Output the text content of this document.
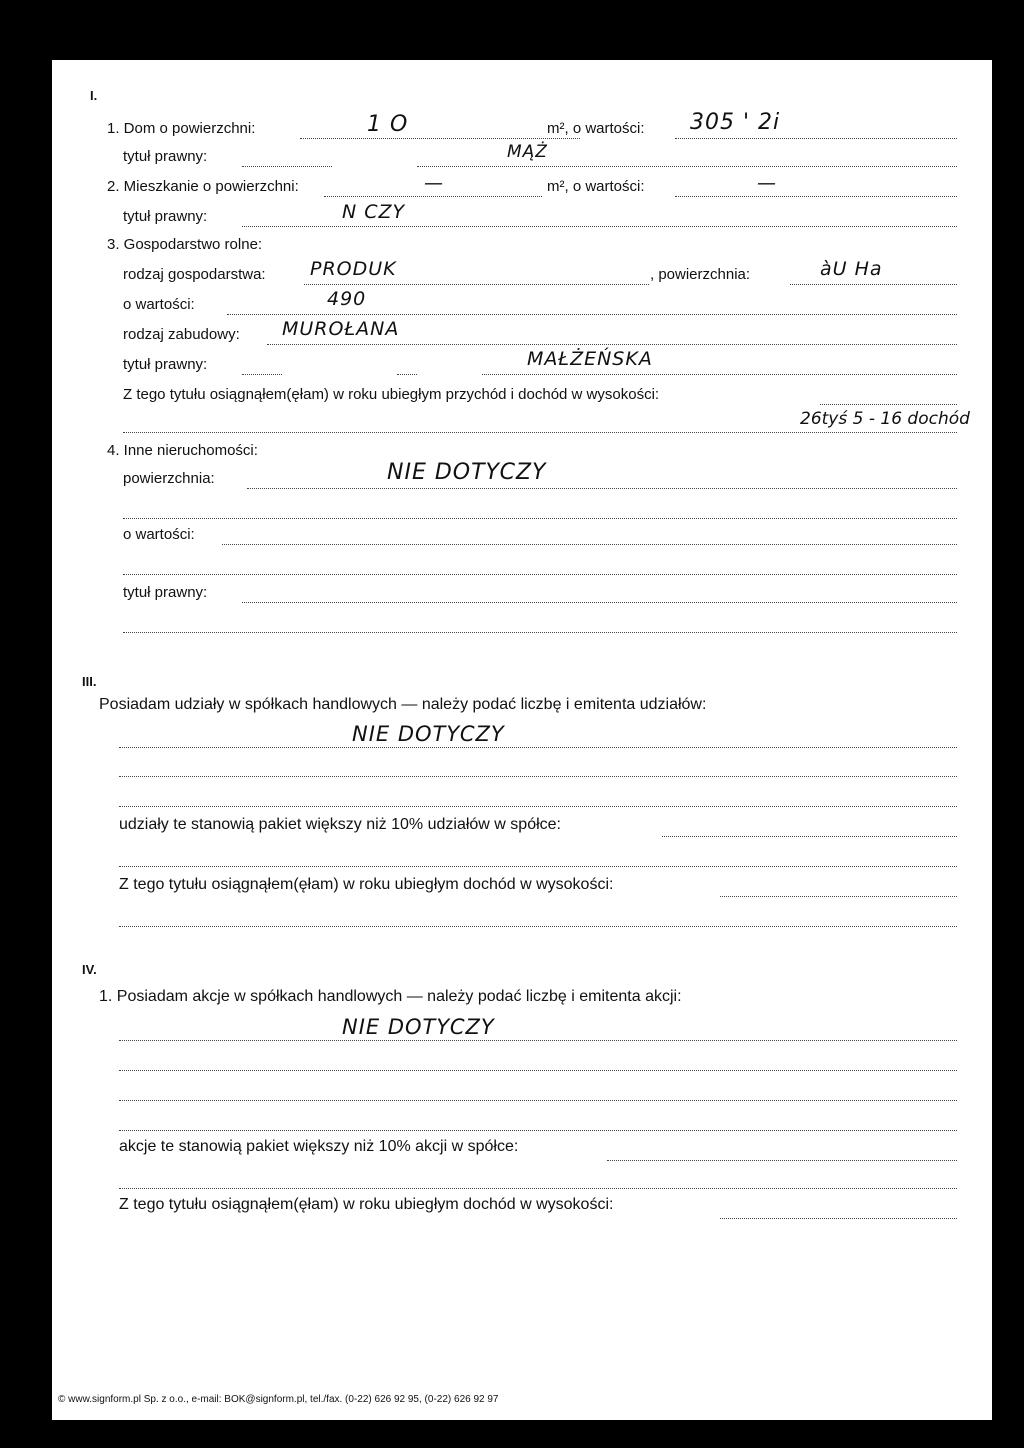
I.
1. Dom o powierzchni:	1 O	m², o wartości: 305 ' 2i
tytuł prawny:	MĄŻ
2. Mieszkanie o powierzchni:	—	m², o wartości:	—
tytuł prawny:	N CZY
3. Gospodarstwo rolne:
rodzaj gospodarstwa: PRODUK	, powierzchnia:	àU Ha
o wartości:	490
rodzaj zabudowy: MUROŁANA
tytuł prawny:	MAŁŻEŃSKA
Z tego tytułu osiągnąłem(ęłam) w roku ubiegłym przychód i dochód w wysokości:
26tyś 5 - 16 dochód
4. Inne nieruchomości:
powierzchnia:	NIE DOTYCZY
o wartości:
tytuł prawny:
III.
Posiadam udziały w spółkach handlowych — należy podać liczbę i emitenta udziałów:
NIE DOTYCZY
udziały te stanowią pakiet większy niż 10% udziałów w spółce:
Z tego tytułu osiągnąłem(ęłam) w roku ubiegłym dochód w wysokości:
IV.
1. Posiadam akcje w spółkach handlowych — należy podać liczbę i emitenta akcji:
NIE DOTYCZY
akcje te stanowią pakiet większy niż 10% akcji w spółce:
Z tego tytułu osiągnąłem(ęłam) w roku ubiegłym dochód w wysokości:
© www.signform.pl Sp. z o.o., e-mail: BOK@signform.pl, tel./fax. (0-22) 626 92 95, (0-22) 626 92 97
